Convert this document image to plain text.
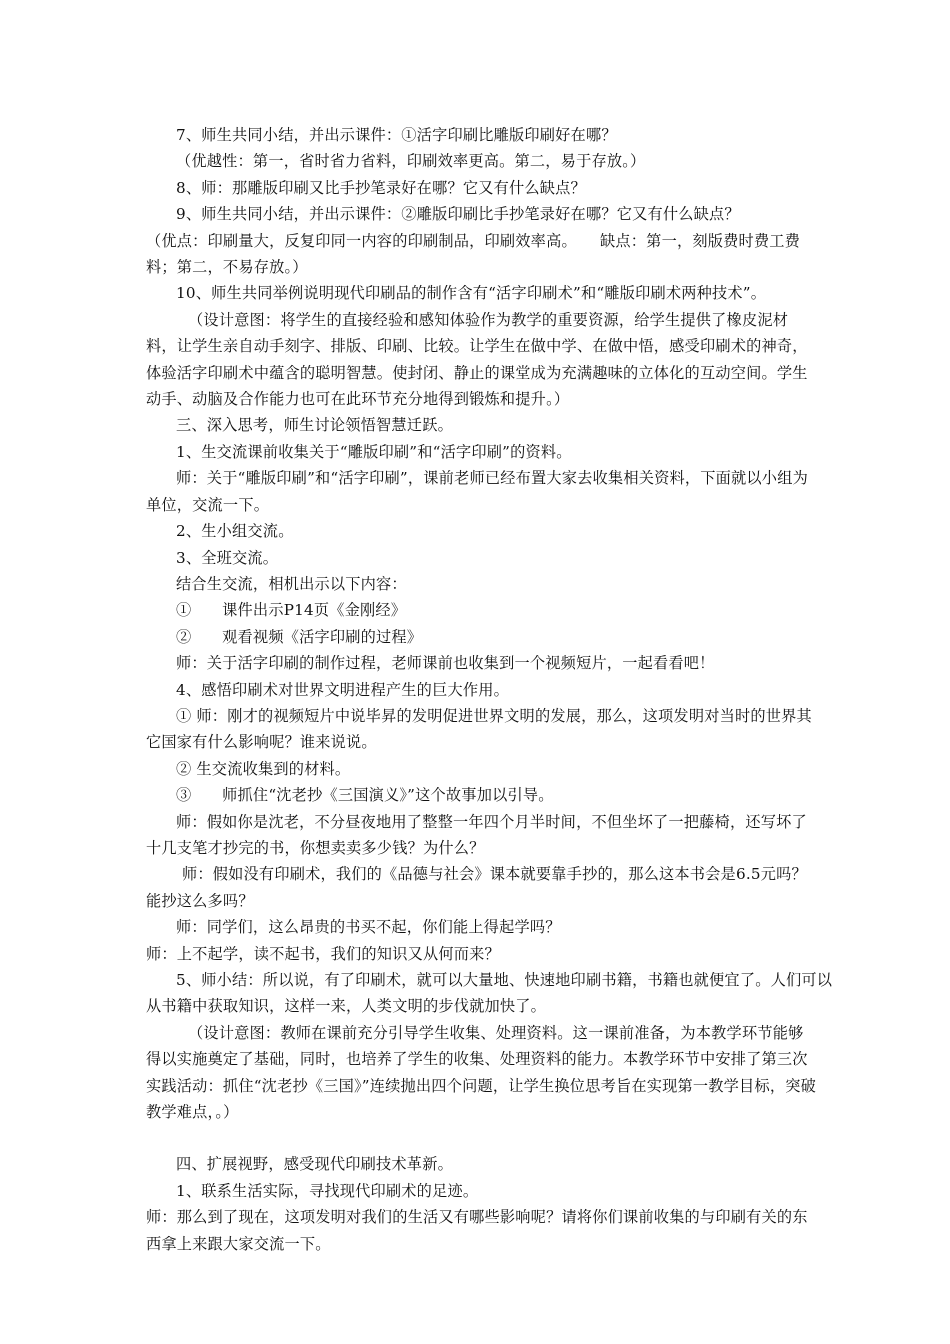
7、师生共同小结，并出示课件：①活字印刷比雕版印刷好在哪？

（优越性：第一，省时省力省料，印刷效率更高。第二，易于存放。）

8、师：那雕版印刷又比手抄笔录好在哪？它又有什么缺点？

9、师生共同小结，并出示课件：②雕版印刷比手抄笔录好在哪？它又有什么缺点？

（优点：印刷量大，反复印同一内容的印刷制品，印刷效率高。　　缺点：第一，刻版费时费工费料；第二，不易存放。）

10、师生共同举例说明现代印刷品的制作含有“活字印刷术”和“雕版印刷术两种技术”。

（设计意图：将学生的直接经验和感知体验作为教学的重要资源，给学生提供了橡皮泥材料，让学生亲自动手刻字、排版、印刷、比较。让学生在做中学、在做中悟，感受印刷术的神奇，体验活字印刷术中蕴含的聪明智慧。使封闭、静止的课堂成为充满趣味的立体化的互动空间。学生动手、动脑及合作能力也可在此环节充分地得到锻炼和提升。）

三、深入思考，师生讨论领悟智慧迁跃。

1、生交流课前收集关于“雕版印刷”和“活字印刷”的资料。

师：关于“雕版印刷”和“活字印刷”，课前老师已经布置大家去收集相关资料，下面就以小组为单位，交流一下。

2、生小组交流。

3、全班交流。

结合生交流，相机出示以下内容：

①　　课件出示P14页《金刚经》

②　　观看视频《活字印刷的过程》

师：关于活字印刷的制作过程，老师课前也收集到一个视频短片，一起看看吧！

4、感悟印刷术对世界文明进程产生的巨大作用。

① 师：刚才的视频短片中说毕昇的发明促进世界文明的发展，那么，这项发明对当时的世界其它国家有什么影响呢？谁来说说。

② 生交流收集到的材料。

③　　师抓住“沈老抄《三国演义》”这个故事加以引导。

师：假如你是沈老，不分昼夜地用了整整一年四个月半时间，不但坐坏了一把藤椅，还写坏了十几支笔才抄完的书，你想卖卖多少钱？为什么？

师：假如没有印刷术，我们的《品德与社会》课本就要靠手抄的，那么这本书会是6.5元吗？能抄这么多吗？

师：同学们，这么昂贵的书买不起，你们能上得起学吗？

师：上不起学，读不起书，我们的知识又从何而来？

5、师小结：所以说，有了印刷术，就可以大量地、快速地印刷书籍，书籍也就便宜了。人们可以从书籍中获取知识，这样一来，人类文明的步伐就加快了。

（设计意图：教师在课前充分引导学生收集、处理资料。这一课前准备，为本教学环节能够得以实施奠定了基础，同时，也培养了学生的收集、处理资料的能力。本教学环节中安排了第三次实践活动：抓住“沈老抄《三国》”连续抛出四个问题，让学生换位思考旨在实现第一教学目标，突破教学难点，。）

四、扩展视野，感受现代印刷技术革新。

1、联系生活实际，寻找现代印刷术的足迹。

师：那么到了现在，这项发明对我们的生活又有哪些影响呢？请将你们课前收集的与印刷有关的东西拿上来跟大家交流一下。
